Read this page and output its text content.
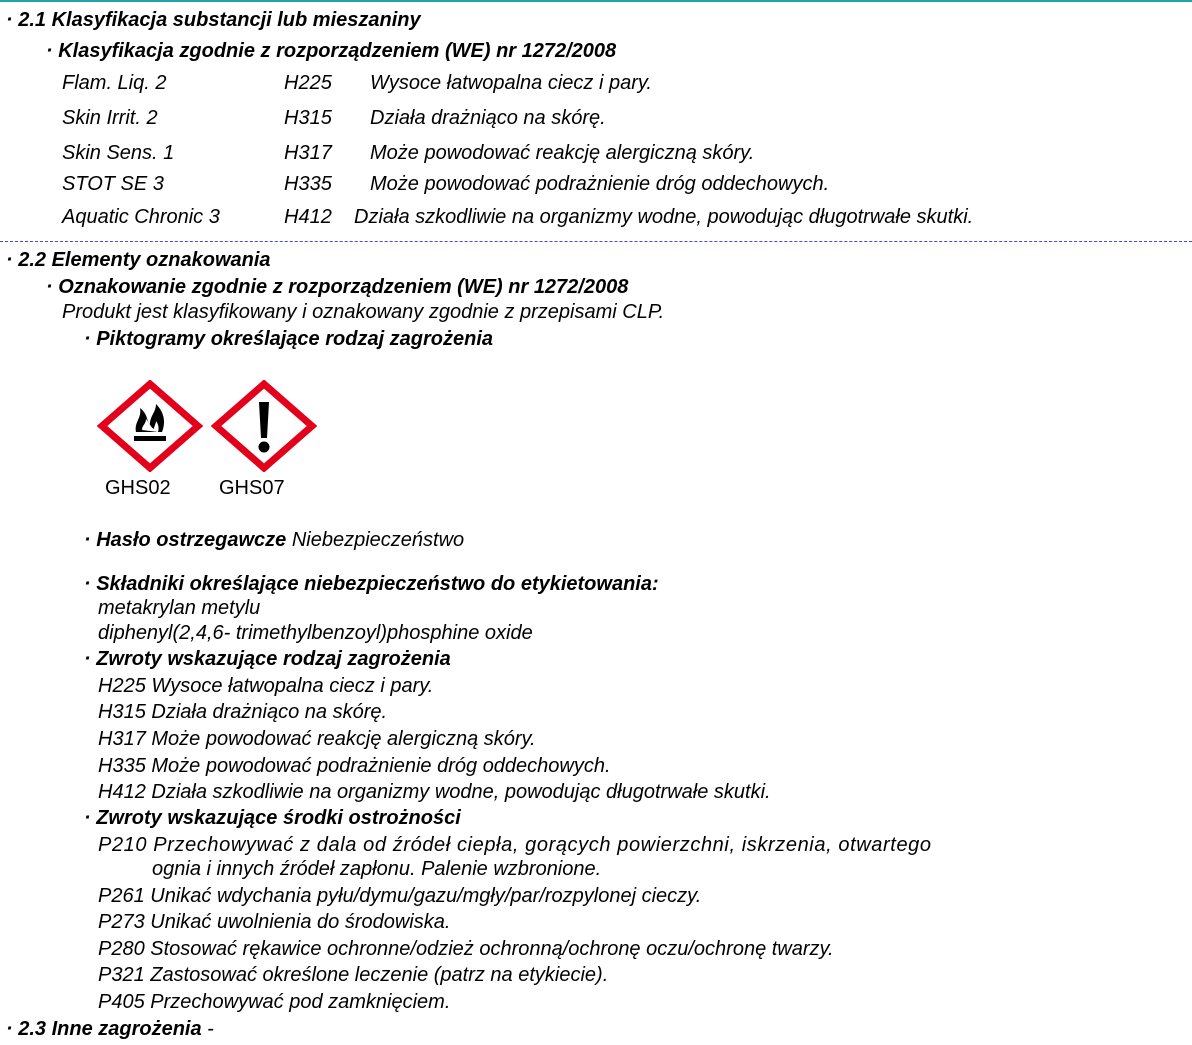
· 2.1 Klasyfikacja substancji lub mieszaniny
· Klasyfikacja zgodnie z rozporządzeniem (WE) nr 1272/2008
Flam. Liq. 2	H225 Wysoce łatwopalna ciecz i pary.
Skin Irrit. 2	H315 Działa drażniąco na skórę.
Skin Sens. 1	H317 Może powodować reakcję alergiczną skóry.
STOT SE 3	H335 Może powodować podrażnienie dróg oddechowych.
Aquatic Chronic 3	H412 Działa szkodliwie na organizmy wodne, powodując długotrwałe skutki.
· 2.2 Elementy oznakowania
· Oznakowanie zgodnie z rozporządzeniem (WE) nr 1272/2008
Produkt jest klasyfikowany i oznakowany zgodnie z przepisami CLP.
· Piktogramy określające rodzaj zagrożenia
GHS02 GHS07
· Hasło ostrzegawcze Niebezpieczeństwo
· Składniki określające niebezpieczeństwo do etykietowania:
metakrylan metylu
diphenyl(2,4,6- trimethylbenzoyl)phosphine oxide
· Zwroty wskazujące rodzaj zagrożenia
H225 Wysoce łatwopalna ciecz i pary.
H315 Działa drażniąco na skórę.
H317 Może powodować reakcję alergiczną skóry.
H335 Może powodować podrażnienie dróg oddechowych.
H412 Działa szkodliwie na organizmy wodne, powodując długotrwałe skutki.
· Zwroty wskazujące środki ostrożności
P210 Przechowywać z dala od źródeł ciepła, gorących powierzchni, iskrzenia, otwartego
ognia i innych źródeł zapłonu. Palenie wzbronione.
P261 Unikać wdychania pyłu/dymu/gazu/mgły/par/rozpylonej cieczy.
P273 Unikać uwolnienia do środowiska.
P280 Stosować rękawice ochronne/odzież ochronną/ochronę oczu/ochronę twarzy.
P321 Zastosować określone leczenie (patrz na etykiecie).
P405 Przechowywać pod zamknięciem.
· 2.3 Inne zagrożenia -
